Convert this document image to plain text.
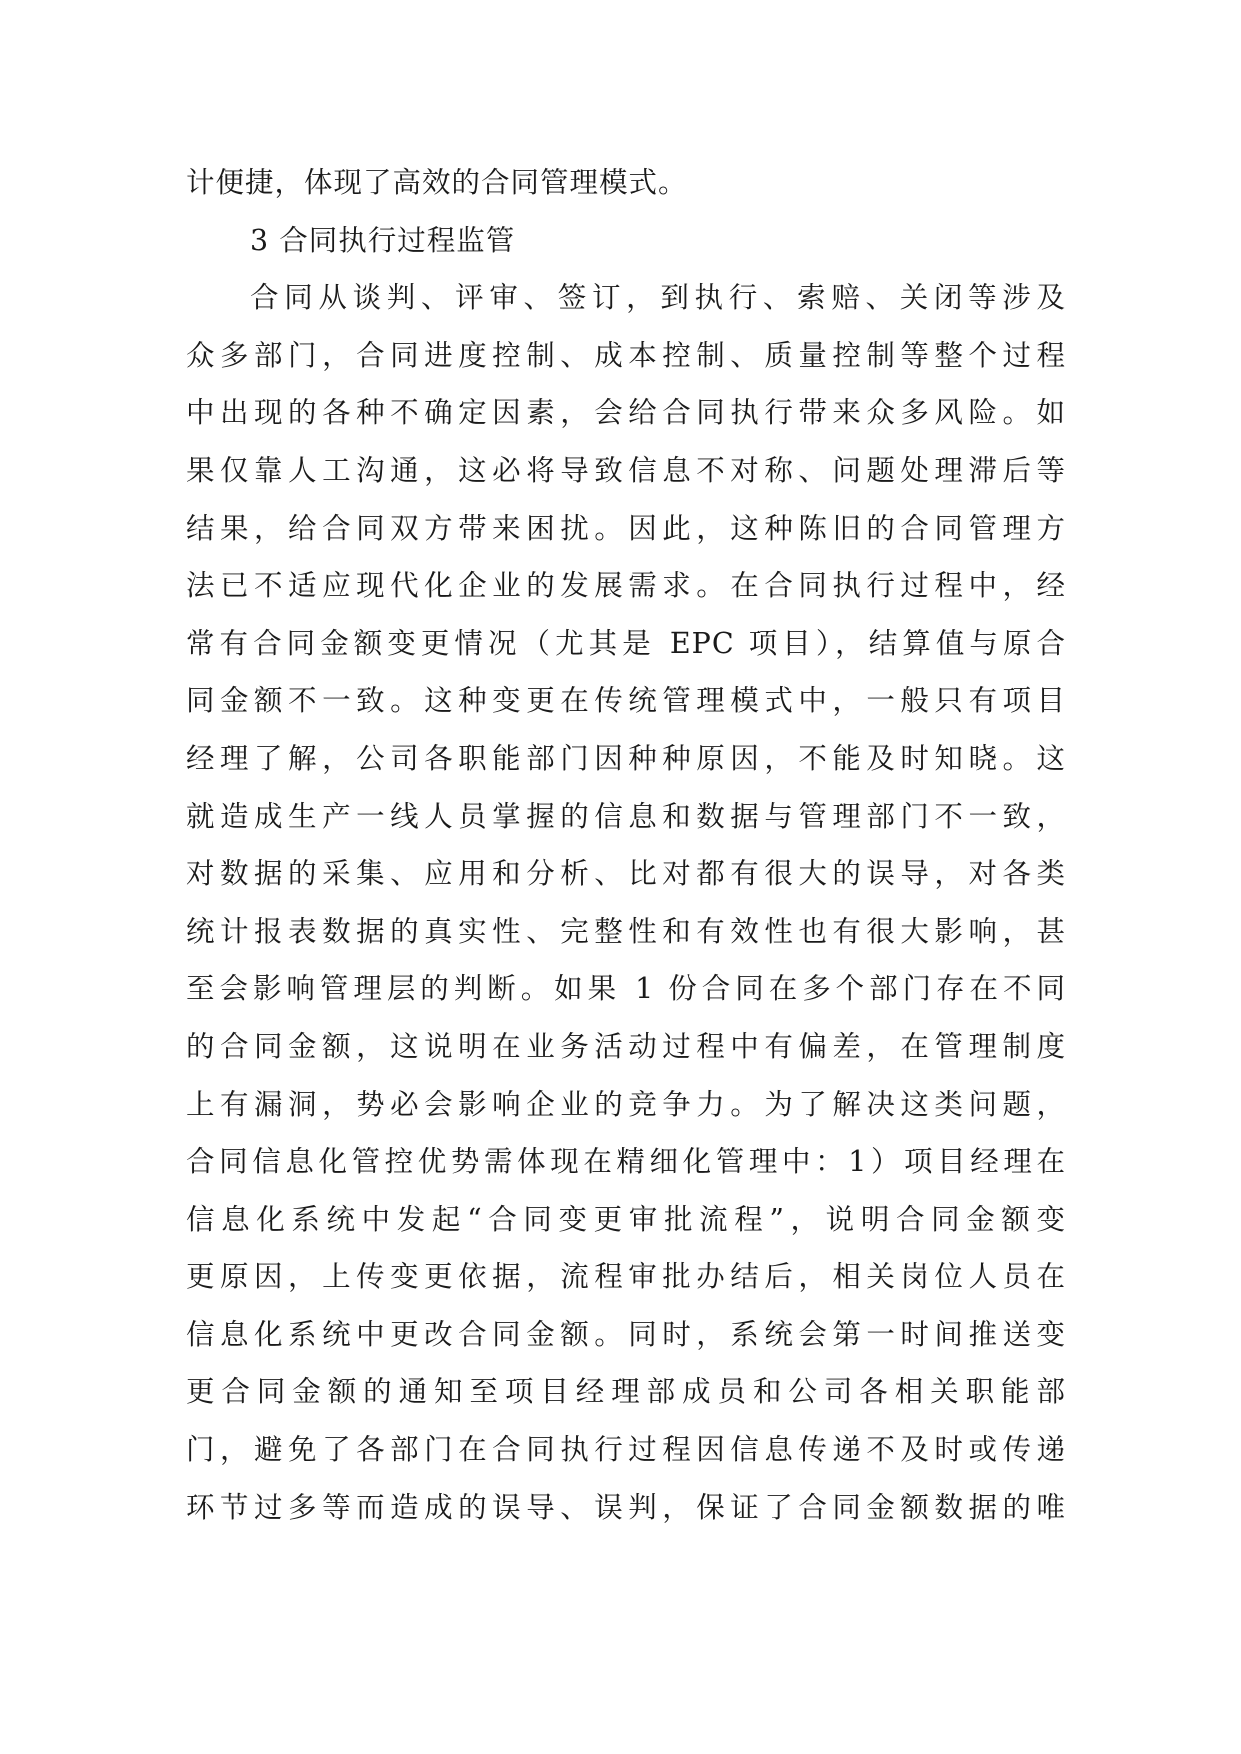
计便捷，体现了高效的合同管理模式。
3 合同执行过程监管
合同从谈判、评审、签订，到执行、索赔、关闭等涉及
众多部门，合同进度控制、成本控制、质量控制等整个过程
中出现的各种不确定因素，会给合同执行带来众多风险。如
果仅靠人工沟通，这必将导致信息不对称、问题处理滞后等
结果，给合同双方带来困扰。因此，这种陈旧的合同管理方
法已不适应现代化企业的发展需求。在合同执行过程中，经
常有合同金额变更情况（尤其是 EPC 项目），结算值与原合
同金额不一致。这种变更在传统管理模式中，一般只有项目
经理了解，公司各职能部门因种种原因，不能及时知晓。这
就造成生产一线人员掌握的信息和数据与管理部门不一致，
对数据的采集、应用和分析、比对都有很大的误导，对各类
统计报表数据的真实性、完整性和有效性也有很大影响，甚
至会影响管理层的判断。如果 1 份合同在多个部门存在不同
的合同金额，这说明在业务活动过程中有偏差，在管理制度
上有漏洞，势必会影响企业的竞争力。为了解决这类问题，
合同信息化管控优势需体现在精细化管理中：1）项目经理在
信息化系统中发起“合同变更审批流程”，说明合同金额变
更原因，上传变更依据，流程审批办结后，相关岗位人员在
信息化系统中更改合同金额。同时，系统会第一时间推送变
更合同金额的通知至项目经理部成员和公司各相关职能部
门，避免了各部门在合同执行过程因信息传递不及时或传递
环节过多等而造成的误导、误判，保证了合同金额数据的唯
